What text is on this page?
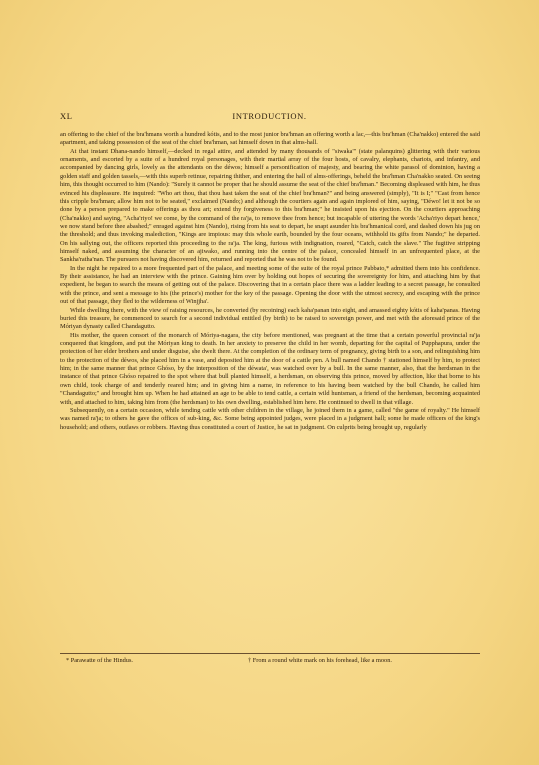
XL	INTRODUCTION.

an offering to the chief of the bra'hmans worth a hundred kótis, and to the most junior bra'hman an offering worth a lac,—this bra'hman (Cha'nakko) entered the said apartment, and taking possession of the seat of the chief bra'hman, sat himself down in that alms-hall.

At that instant Dhana-nando himself,—decked in regal attire, and attended by many thousands of "siwaka'" (state palanquins) glittering with their various ornaments, and escorted by a suite of a hundred royal personages, with their martial array of the four hosts, of cavalry, elephants, chariots, and infantry, and accompanied by dancing girls, lovely as the attendants on the déwos; himself a personification of majesty, and bearing the white parasol of dominion, having a golden staff and golden tassels,—with this superb retinue, repairing thither, and entering the hall of alms-offerings, beheld the bra'hman Cha'nakko seated. On seeing him, this thought occurred to him (Nando): "Surely it cannot be proper that he should assume the seat of the chief bra'hman." Becoming displeased with him, he thus evinced his displeasure. He inquired: "Who art thou, that thou hast taken the seat of the chief bra'hman?" and being answered (simply), "It is I;" "Cast from hence this cripple bra'hman; allow him not to be seated," exclaimed (Nando;) and although the courtiers again and again implored of him, saying, "Déwo! let it not be so done by a person prepared to make offerings as thou art; extend thy forgiveness to this bra'hman;" he insisted upon his ejection. On the courtiers approaching (Cha'nakko) and saying, "Acha'riyo! we come, by the command of the ra'ja, to remove thee from hence; but incapable of uttering the words 'Acha'riyo depart hence,' we now stand before thee abashed;" enraged against him (Nando), rising from his seat to depart, he snapt asunder his bra'hmanical cord, and dashed down his jug on the threshold; and thus invoking malediction, "Kings are impious: may this whole earth, bounded by the four oceans, withhold its gifts from Nando;" he departed. On his sallying out, the officers reported this proceeding to the ra'ja. The king, furious with indignation, roared, "Catch, catch the slave." The fugitive stripping himself naked, and assuming the character of an ajiwako, and running into the centre of the palace, concealed himself in an unfrequented place, at the Sankha'ratha'nan. The pursuers not having discovered him, returned and reported that he was not to be found.

In the night he repaired to a more frequented part of the palace, and meeting some of the suite of the royal prince Pabbato,* admitted them into his confidence. By their assistance, he had an interview with the prince. Gaining him over by holding out hopes of securing the sovereignty for him, and attaching him by that expedient, he began to search the means of getting out of the palace. Discovering that in a certain place there was a ladder leading to a secret passage, he consulted with the prince, and sent a message to his (the prince's) mother for the key of the passage. Opening the door with the utmost secrecy, and escaping with the prince out of that passage, they fled to the wilderness of Winjjha'.

While dwelling there, with the view of raising resources, he converted (by recoining) each kaha'panan into eight, and amassed eighty kótis of kaha'panas. Having buried this treasure, he commenced to search for a second individual entitled (by birth) to be raised to sovereign power, and met with the aforesaid prince of the Móriyan dynasty called Chandagutto.

His mother, the queen consort of the monarch of Móriya-nagara, the city before mentioned, was pregnant at the time that a certain powerful provincial ra'ja conquered that kingdom, and put the Móriyan king to death. In her anxiety to preserve the child in her womb, departing for the capital of Pupphapura, under the protection of her elder brothers and under disguise, she dwelt there. At the completion of the ordinary term of pregnancy, giving birth to a son, and relinquishing him to the protection of the déwos, she placed him in a vase, and deposited him at the door of a cattle pen. A bull named Chando † stationed himself by him, to protect him; in the same manner that prince Ghóso, by the interposition of the déwata', was watched over by a bull. In the same manner, also, that the herdsman in the instance of that prince Ghóso repaired to the spot where that bull planted himself, a herdsman, on observing this prince, moved by affection, like that borne to his own child, took charge of and tenderly reared him; and in giving him a name, in reference to his having been watched by the bull Chando, he called him "Chandagutto;" and brought him up. When he had attained an age to be able to tend cattle, a certain wild huntsman, a friend of the herdsman, becoming acquainted with, and attached to him, taking him from (the herdsman) to his own dwelling, established him here. He continued to dwell in that village.

Subsequently, on a certain occasion, while tending cattle with other children in the village, he joined them in a game, called "the game of royalty." He himself was named ra'ja; to others he gave the offices of sub-king, &c. Some being appointed judges, were placed in a judgment hall; some he made officers of the king's household; and others, outlaws or robbers. Having thus constituted a court of Justice, he sat in judgment. On culprits being brought up, regularly

* Parawatte of the Hindus.	† From a round white mark on his forehead, like a moon.
